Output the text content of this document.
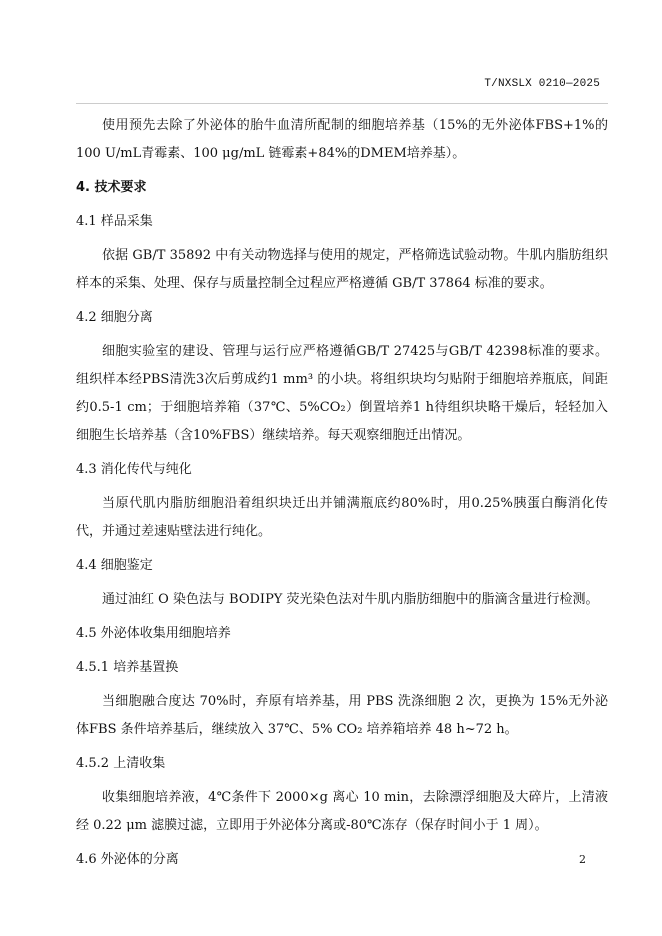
T/NXSLX 0210—2025

使用预先去除了外泌体的胎牛血清所配制的细胞培养基（15%的无外泌体FBS+1%的100 U/mL青霉素、100 μg/mL 链霉素+84%的DMEM培养基）。

4. 技术要求
4.1 样品采集

依据 GB/T 35892 中有关动物选择与使用的规定，严格筛选试验动物。牛肌内脂肪组织样本的采集、处理、保存与质量控制全过程应严格遵循 GB/T 37864 标准的要求。

4.2 细胞分离

细胞实验室的建设、管理与运行应严格遵循GB/T 27425与GB/T 42398标准的要求。组织样本经PBS清洗3次后剪成约1 mm³ 的小块。将组织块均匀贴附于细胞培养瓶底，间距约0.5-1 cm；于细胞培养箱（37℃、5%CO₂）倒置培养1 h待组织块略干燥后，轻轻加入细胞生长培养基（含10%FBS）继续培养。每天观察细胞迁出情况。

4.3 消化传代与纯化

当原代肌内脂肪细胞沿着组织块迁出并铺满瓶底约80%时，用0.25%胰蛋白酶消化传代，并通过差速贴壁法进行纯化。

4.4 细胞鉴定

通过油红 O 染色法与 BODIPY 荧光染色法对牛肌内脂肪细胞中的脂滴含量进行检测。

4.5 外泌体收集用细胞培养
4.5.1 培养基置换

当细胞融合度达 70%时，弃原有培养基，用 PBS 洗涤细胞 2 次，更换为 15%无外泌体FBS 条件培养基后，继续放入 37℃、5% CO₂ 培养箱培养 48 h~72 h。

4.5.2 上清收集

收集细胞培养液，4℃条件下 2000×g 离心 10 min，去除漂浮细胞及大碎片，上清液经 0.22 μm 滤膜过滤，立即用于外泌体分离或-80℃冻存（保存时间小于 1 周）。

4.6 外泌体的分离	2
